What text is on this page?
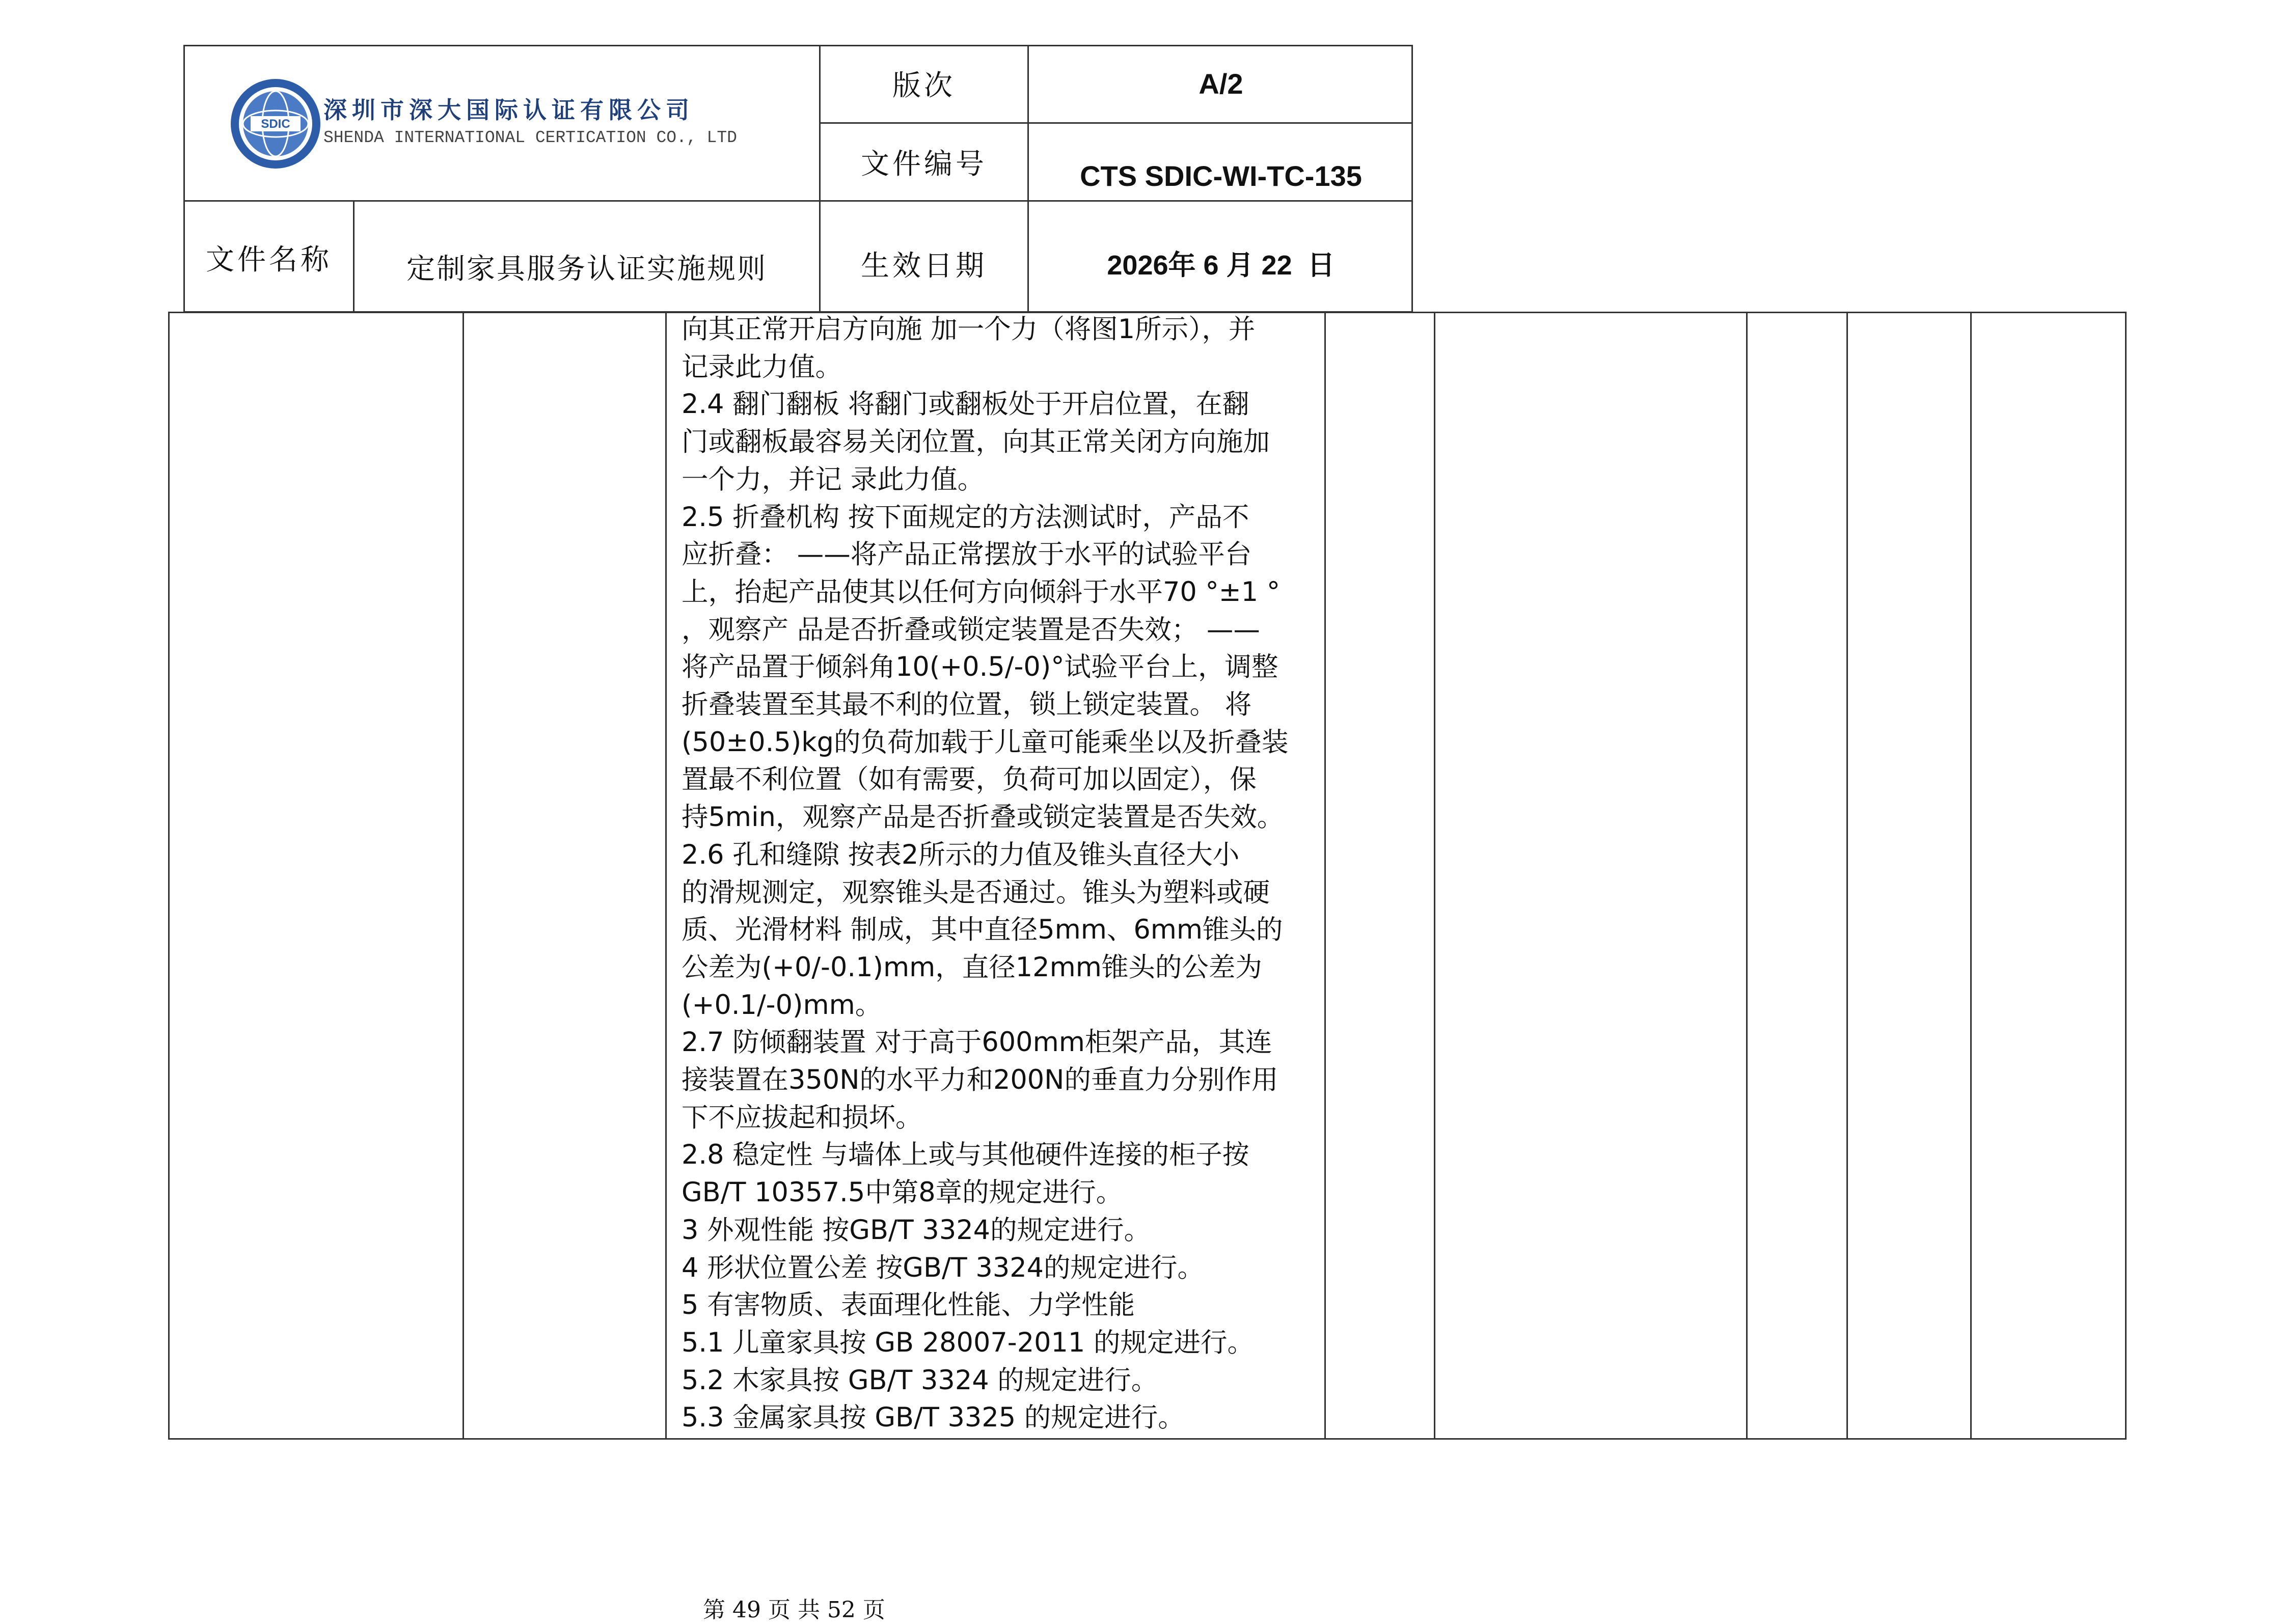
SDIC
深圳市深大国际认证有限公司
SHENDA INTERNATIONAL CERTICATION CO., LTD
版次	A/2
文件编号	CTS SDIC-WI-TC-135
文件名称	定制家具服务认证实施规则	生效日期	2026年 6 月 22  日
向其正常开启方向施 加一个力（将图1所示），并
记录此力值。
2.4 翻门翻板 将翻门或翻板处于开启位置，在翻
门或翻板最容易关闭位置，向其正常关闭方向施加
一个力，并记 录此力值。
2.5 折叠机构 按下面规定的方法测试时，产品不
应折叠： ——将产品正常摆放于水平的试验平台
上，抬起产品使其以任何方向倾斜于水平70 °±1 °
，观察产 品是否折叠或锁定装置是否失效； ——
将产品置于倾斜角10(+0.5/-0)°试验平台上，调整
折叠装置至其最不利的位置，锁上锁定装置。 将
(50±0.5)kg的负荷加载于儿童可能乘坐以及折叠装
置最不利位置（如有需要，负荷可加以固定），保
持5min，观察产品是否折叠或锁定装置是否失效。
2.6 孔和缝隙 按表2所示的力值及锥头直径大小
的滑规测定，观察锥头是否通过。锥头为塑料或硬
质、光滑材料 制成，其中直径5mm、6mm锥头的
公差为(+0/-0.1)mm，直径12mm锥头的公差为
(+0.1/-0)mm。
2.7 防倾翻装置 对于高于600mm柜架产品，其连
接装置在350N的水平力和200N的垂直力分别作用
下不应拔起和损坏。
2.8 稳定性 与墙体上或与其他硬件连接的柜子按
GB/T 10357.5中第8章的规定进行。
3 外观性能 按GB/T 3324的规定进行。
4 形状位置公差 按GB/T 3324的规定进行。
5 有害物质、表面理化性能、力学性能
5.1 儿童家具按 GB 28007-2011 的规定进行。
5.2 木家具按 GB/T 3324 的规定进行。
5.3 金属家具按 GB/T 3325 的规定进行。
第 49 页 共 52 页
